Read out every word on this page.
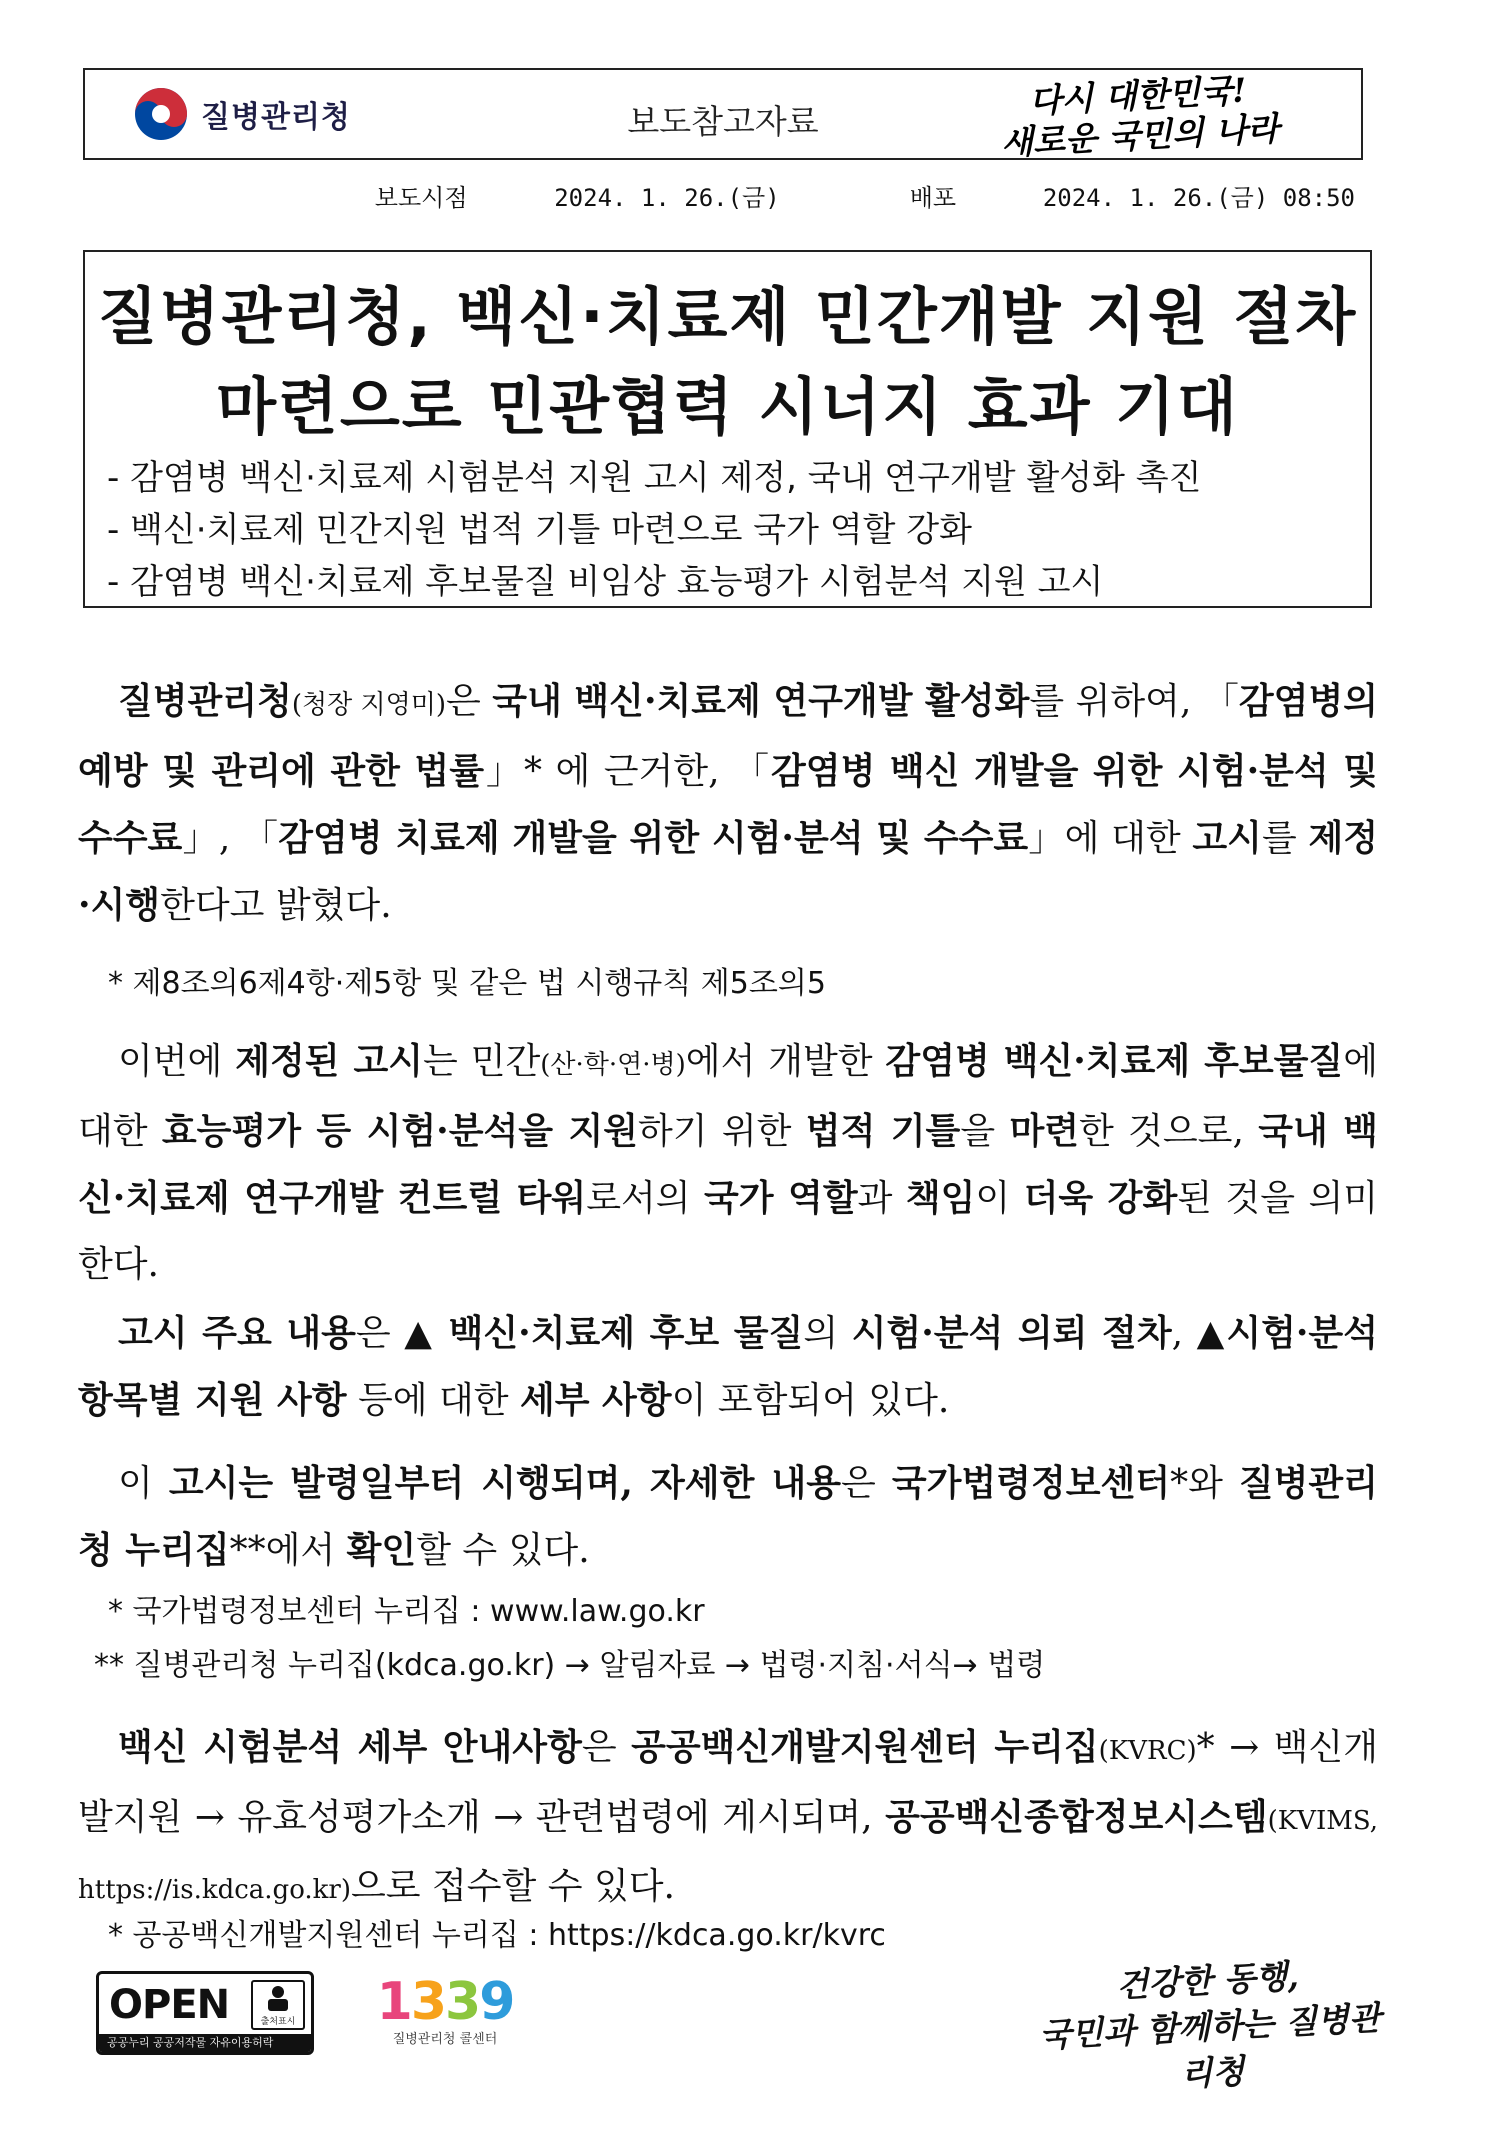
질병관리청	보도참고자료
다시 대한민국!
새로운 국민의 나라
보도시점
	2024. 1. 26.(금)
	배포
	2024. 1. 26.(금) 08:50
질병관리청, 백신·치료제 민간개발 지원 절차
마련으로 민관협력 시너지 효과 기대
- 감염병 백신·치료제 시험분석 지원 고시 제정, 국내 연구개발 활성화 촉진
- 백신·치료제 민간지원 법적 기틀 마련으로 국가 역할 강화
- 감염병 백신·치료제 후보물질 비임상 효능평가 시험분석 지원 고시
질병관리청(청장 지영미)은 국내 백신·치료제 연구개발 활성화를 위하여, 「감염병의 예방 및 관리에 관한 법률」* 에 근거한, 「감염병 백신 개발을 위한 시험·분석 및 수수료」, 「감염병 치료제 개발을 위한 시험·분석 및 수수료」에 대한 고시를 제정·시행한다고 밝혔다.
* 제8조의6제4항·제5항 및 같은 법 시행규칙 제5조의5
이번에 제정된 고시는 민간(산·학·연·병)에서 개발한 감염병 백신·치료제 후보물질에 대한 효능평가 등 시험·분석을 지원하기 위한 법적 기틀을 마련한 것으로, 국내 백신·치료제 연구개발 컨트럴 타워로서의 국가 역할과 책임이 더욱 강화된 것을 의미한다.
고시 주요 내용은 ▲ 백신·치료제 후보 물질의 시험·분석 의뢰 절차, ▲시험·분석 항목별 지원 사항 등에 대한 세부 사항이 포함되어 있다.
이 고시는 발령일부터 시행되며, 자세한 내용은 국가법령정보센터*와 질병관리청 누리집**에서 확인할 수 있다.
* 국가법령정보센터 누리집 : www.law.go.kr
** 질병관리청 누리집(kdca.go.kr) → 알림자료 → 법령·지침·서식→ 법령
백신 시험분석 세부 안내사항은 공공백신개발지원센터 누리집(KVRC)* → 백신개발지원 → 유효성평가소개 → 관련법령에 게시되며, 공공백신종합정보시스템(KVIMS, https://is.kdca.go.kr)으로 접수할 수 있다.
* 공공백신개발지원센터 누리집 : https://kdca.go.kr/kvrc
OPEN	출처표시
공공누리 공공저작물 자유이용허락
1339
질병관리청 콜센터
건강한 동행,
국민과 함께하는 질병관리청
